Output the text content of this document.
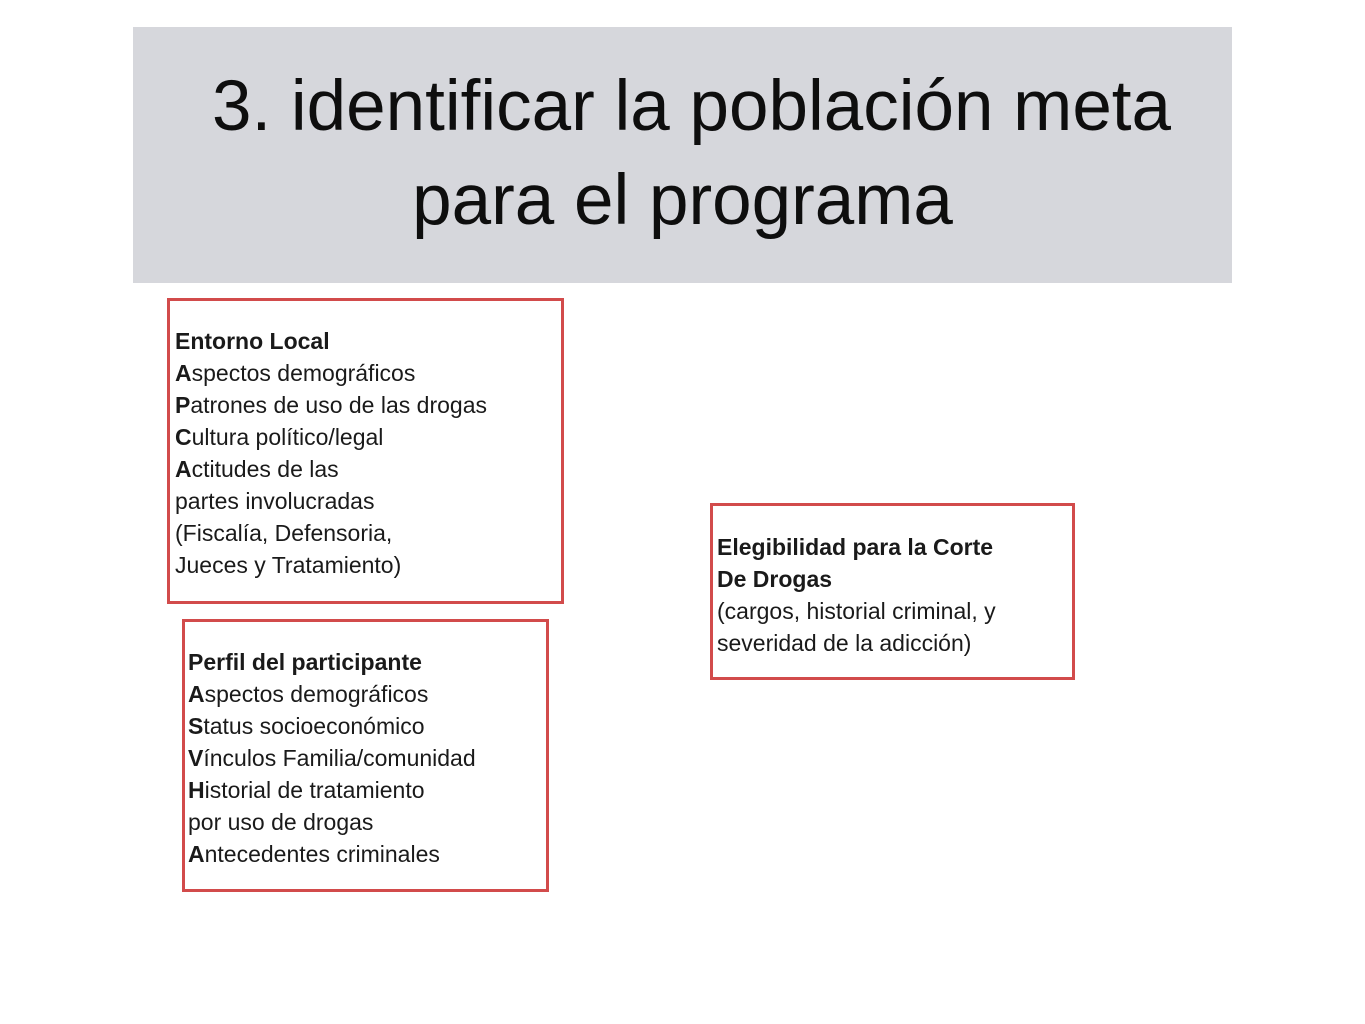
3. identificar la población meta
para el programa
Entorno Local
Aspectos demográficos
Patrones de uso de las drogas
Cultura político/legal
Actitudes de las
partes involucradas
(Fiscalía, Defensoria,
Jueces y Tratamiento)
Perfil del participante
Aspectos demográficos
Status socioeconómico
Vínculos Familia/comunidad
Historial de tratamiento
por uso de drogas
Antecedentes criminales
Elegibilidad para la Corte
De Drogas
(cargos, historial criminal, y
severidad de la adicción)
